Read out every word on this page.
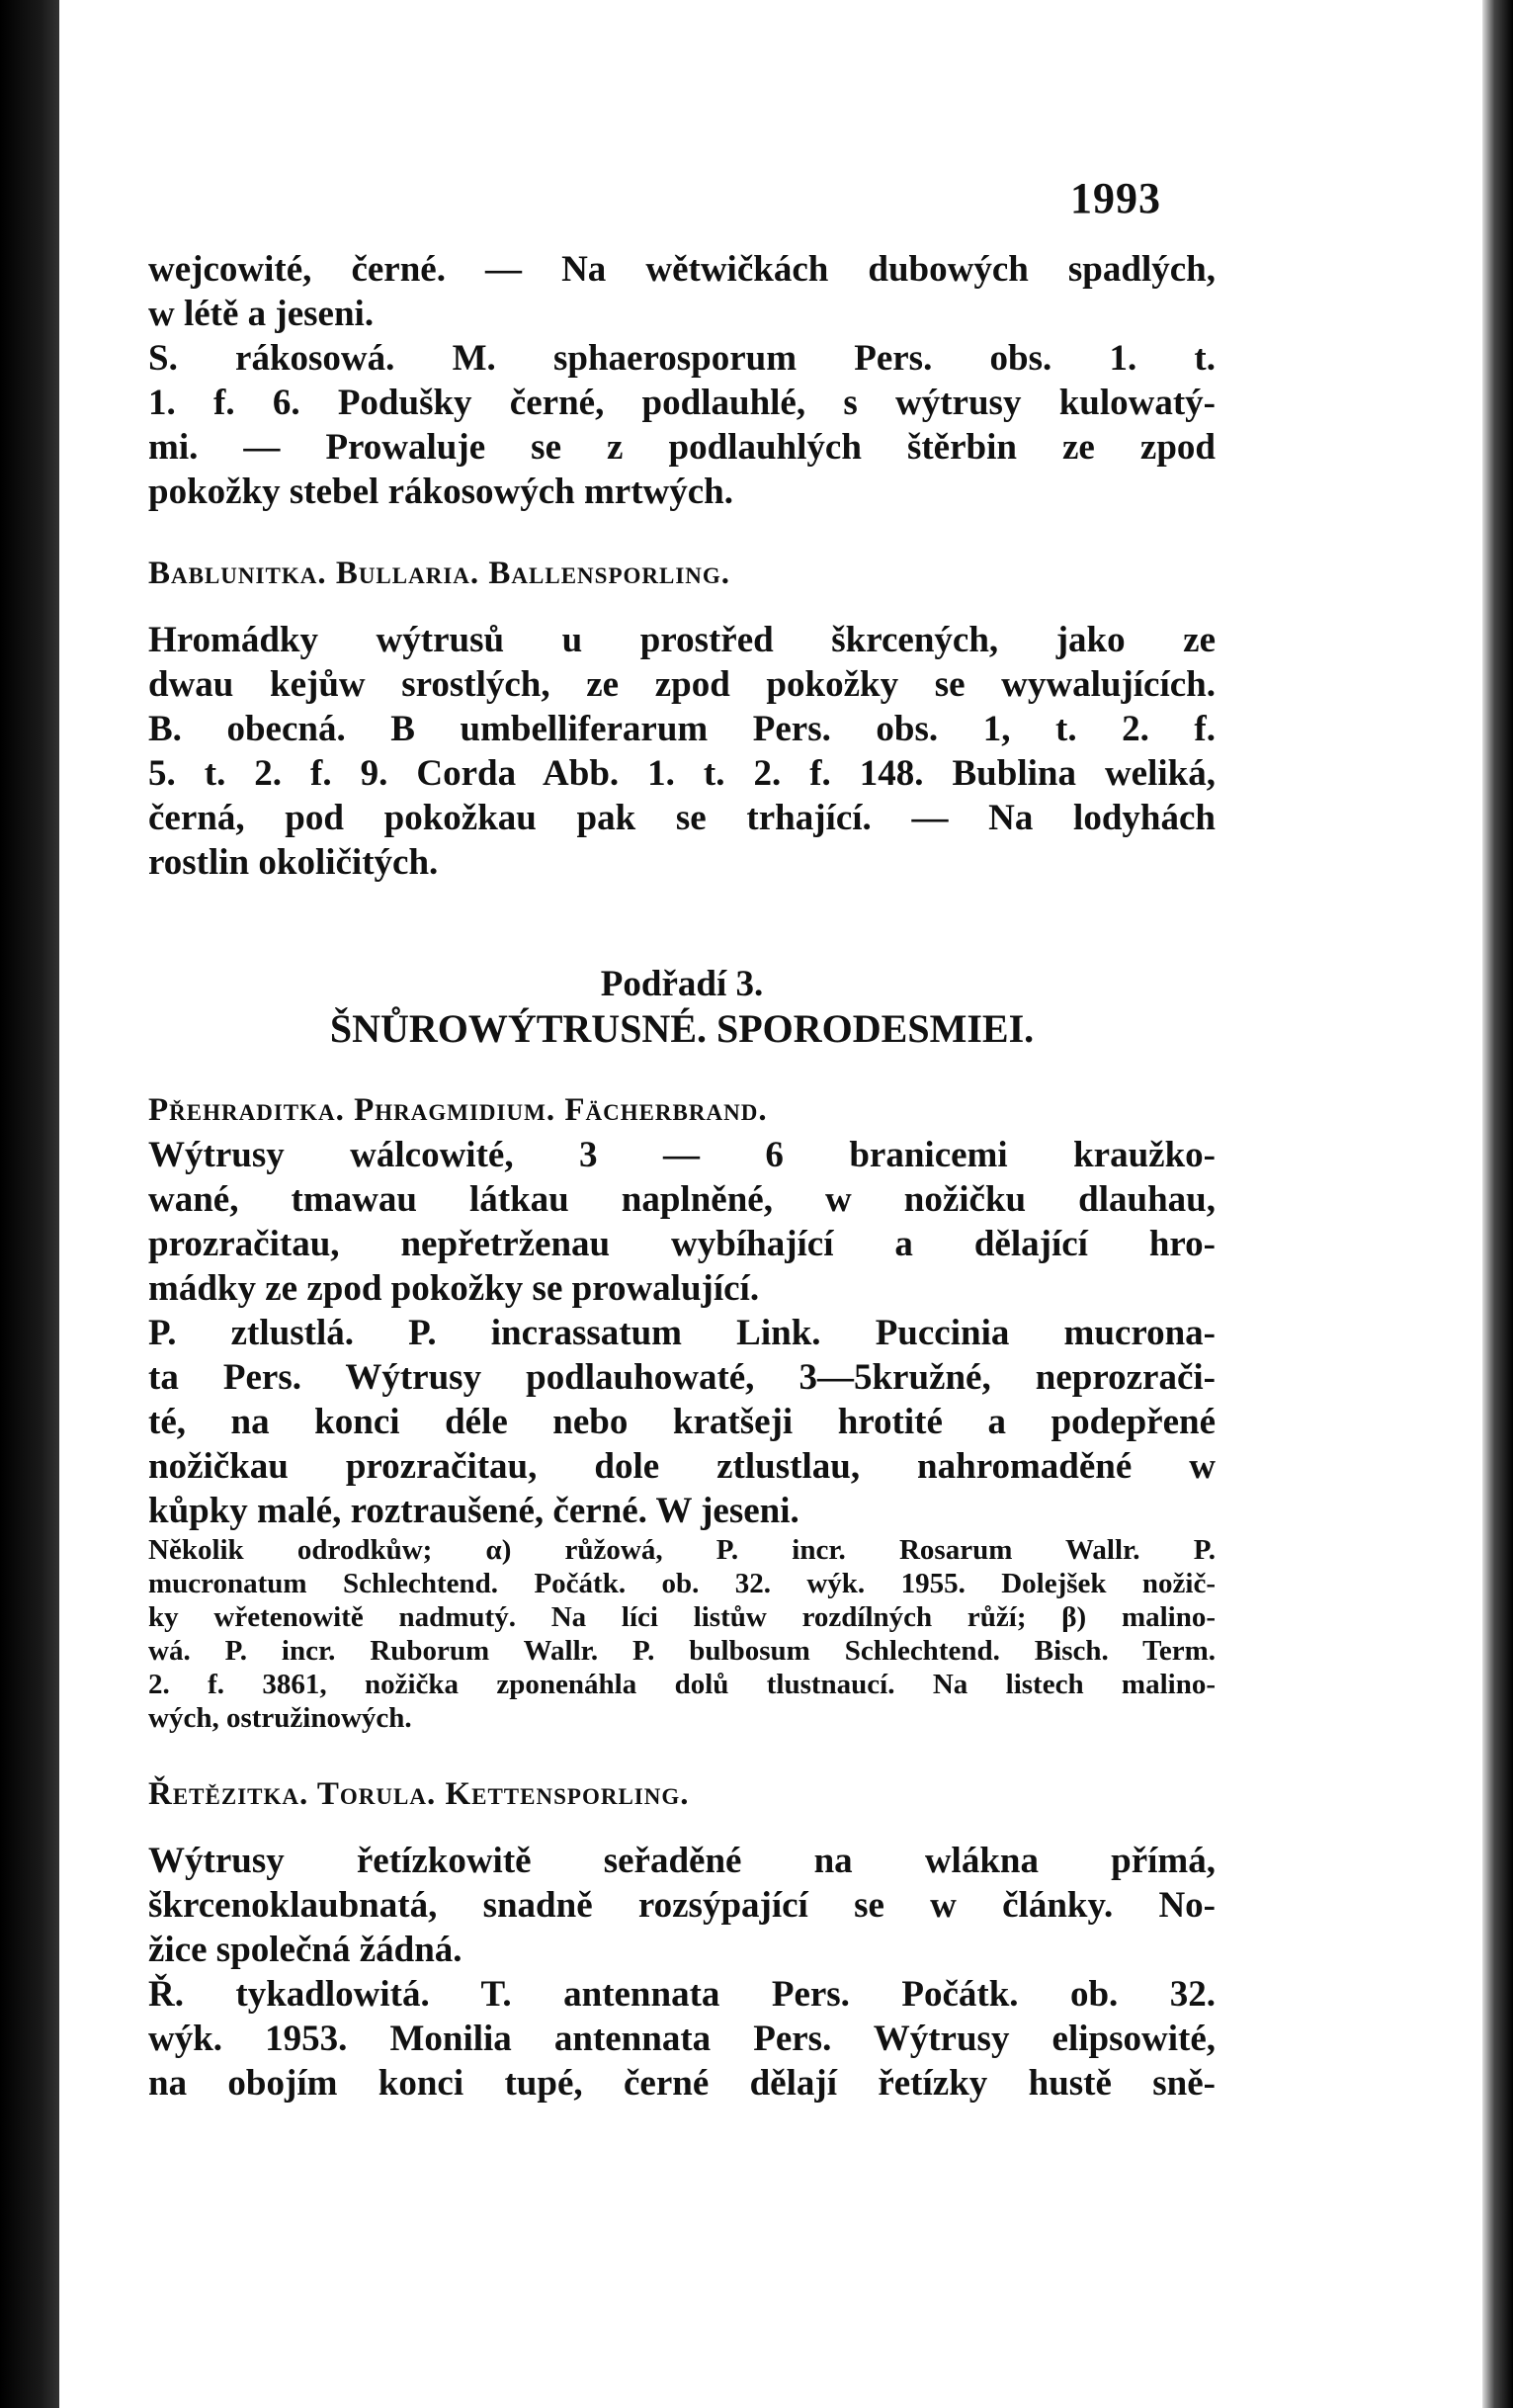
1993
wejcowité, černé. — Na wětwičkách dubowých spadlých,
w létě a jeseni.
S. rákosowá. M. sphaerosporum Pers. obs. 1. t.
1. f. 6. Podušky černé, podlauhlé, s wýtrusy kulowatý-
mi. — Prowaluje se z podlauhlých štěrbin ze zpod
pokožky stebel rákosowých mrtwých.
Bablunitka. Bullaria. Ballensporling.
Hromádky wýtrusů u prostřed škrcených, jako ze
dwau kejůw srostlých, ze zpod pokožky se wywalujících.
B. obecná. B umbelliferarum Pers. obs. 1, t. 2. f.
5. t. 2. f. 9. Corda Abb. 1. t. 2. f. 148. Bublina weliká,
černá, pod pokožkau pak se trhající. — Na lodyhách
rostlin okoličitých.
Podřadí 3.
ŠNŮROWÝTRUSNÉ. SPORODESMIEI.
Přehraditka. Phragmidium. Fächerbrand.
Wýtrusy wálcowité, 3 — 6 branicemi kraužko-
wané, tmawau látkau naplněné, w nožičku dlauhau,
prozračitau, nepřetrženau wybíhající a dělající hro-
mádky ze zpod pokožky se prowalující.
P. ztlustlá. P. incrassatum Link. Puccinia mucrona-
ta Pers. Wýtrusy podlauhowaté, 3—5kružné, neprozrači-
té, na konci déle nebo kratšeji hrotité a podepřené
nožičkau prozračitau, dole ztlustlau, nahromaděné w
kůpky malé, roztraušené, černé. W jeseni.
Několik odrodkůw; α) růžowá, P. incr. Rosarum Wallr. P.
mucronatum Schlechtend. Počátk. ob. 32. wýk. 1955. Dolejšek nožič-
ky wřetenowitě nadmutý. Na líci listůw rozdílných růží; β) malino-
wá. P. incr. Ruborum Wallr. P. bulbosum Schlechtend. Bisch. Term.
2. f. 3861, nožička zponenáhla dolů tlustnaucí. Na listech malino-
wých, ostružinowých.
Řetězitka. Torula. Kettensporling.
Wýtrusy řetízkowitě seřaděné na wlákna přímá,
škrcenoklaubnatá, snadně rozsýpající se w články. No-
žice společná žádná.
Ř. tykadlowitá. T. antennata Pers. Počátk. ob. 32.
wýk. 1953. Monilia antennata Pers. Wýtrusy elipsowité,
na obojím konci tupé, černé dělají řetízky hustě sně-
